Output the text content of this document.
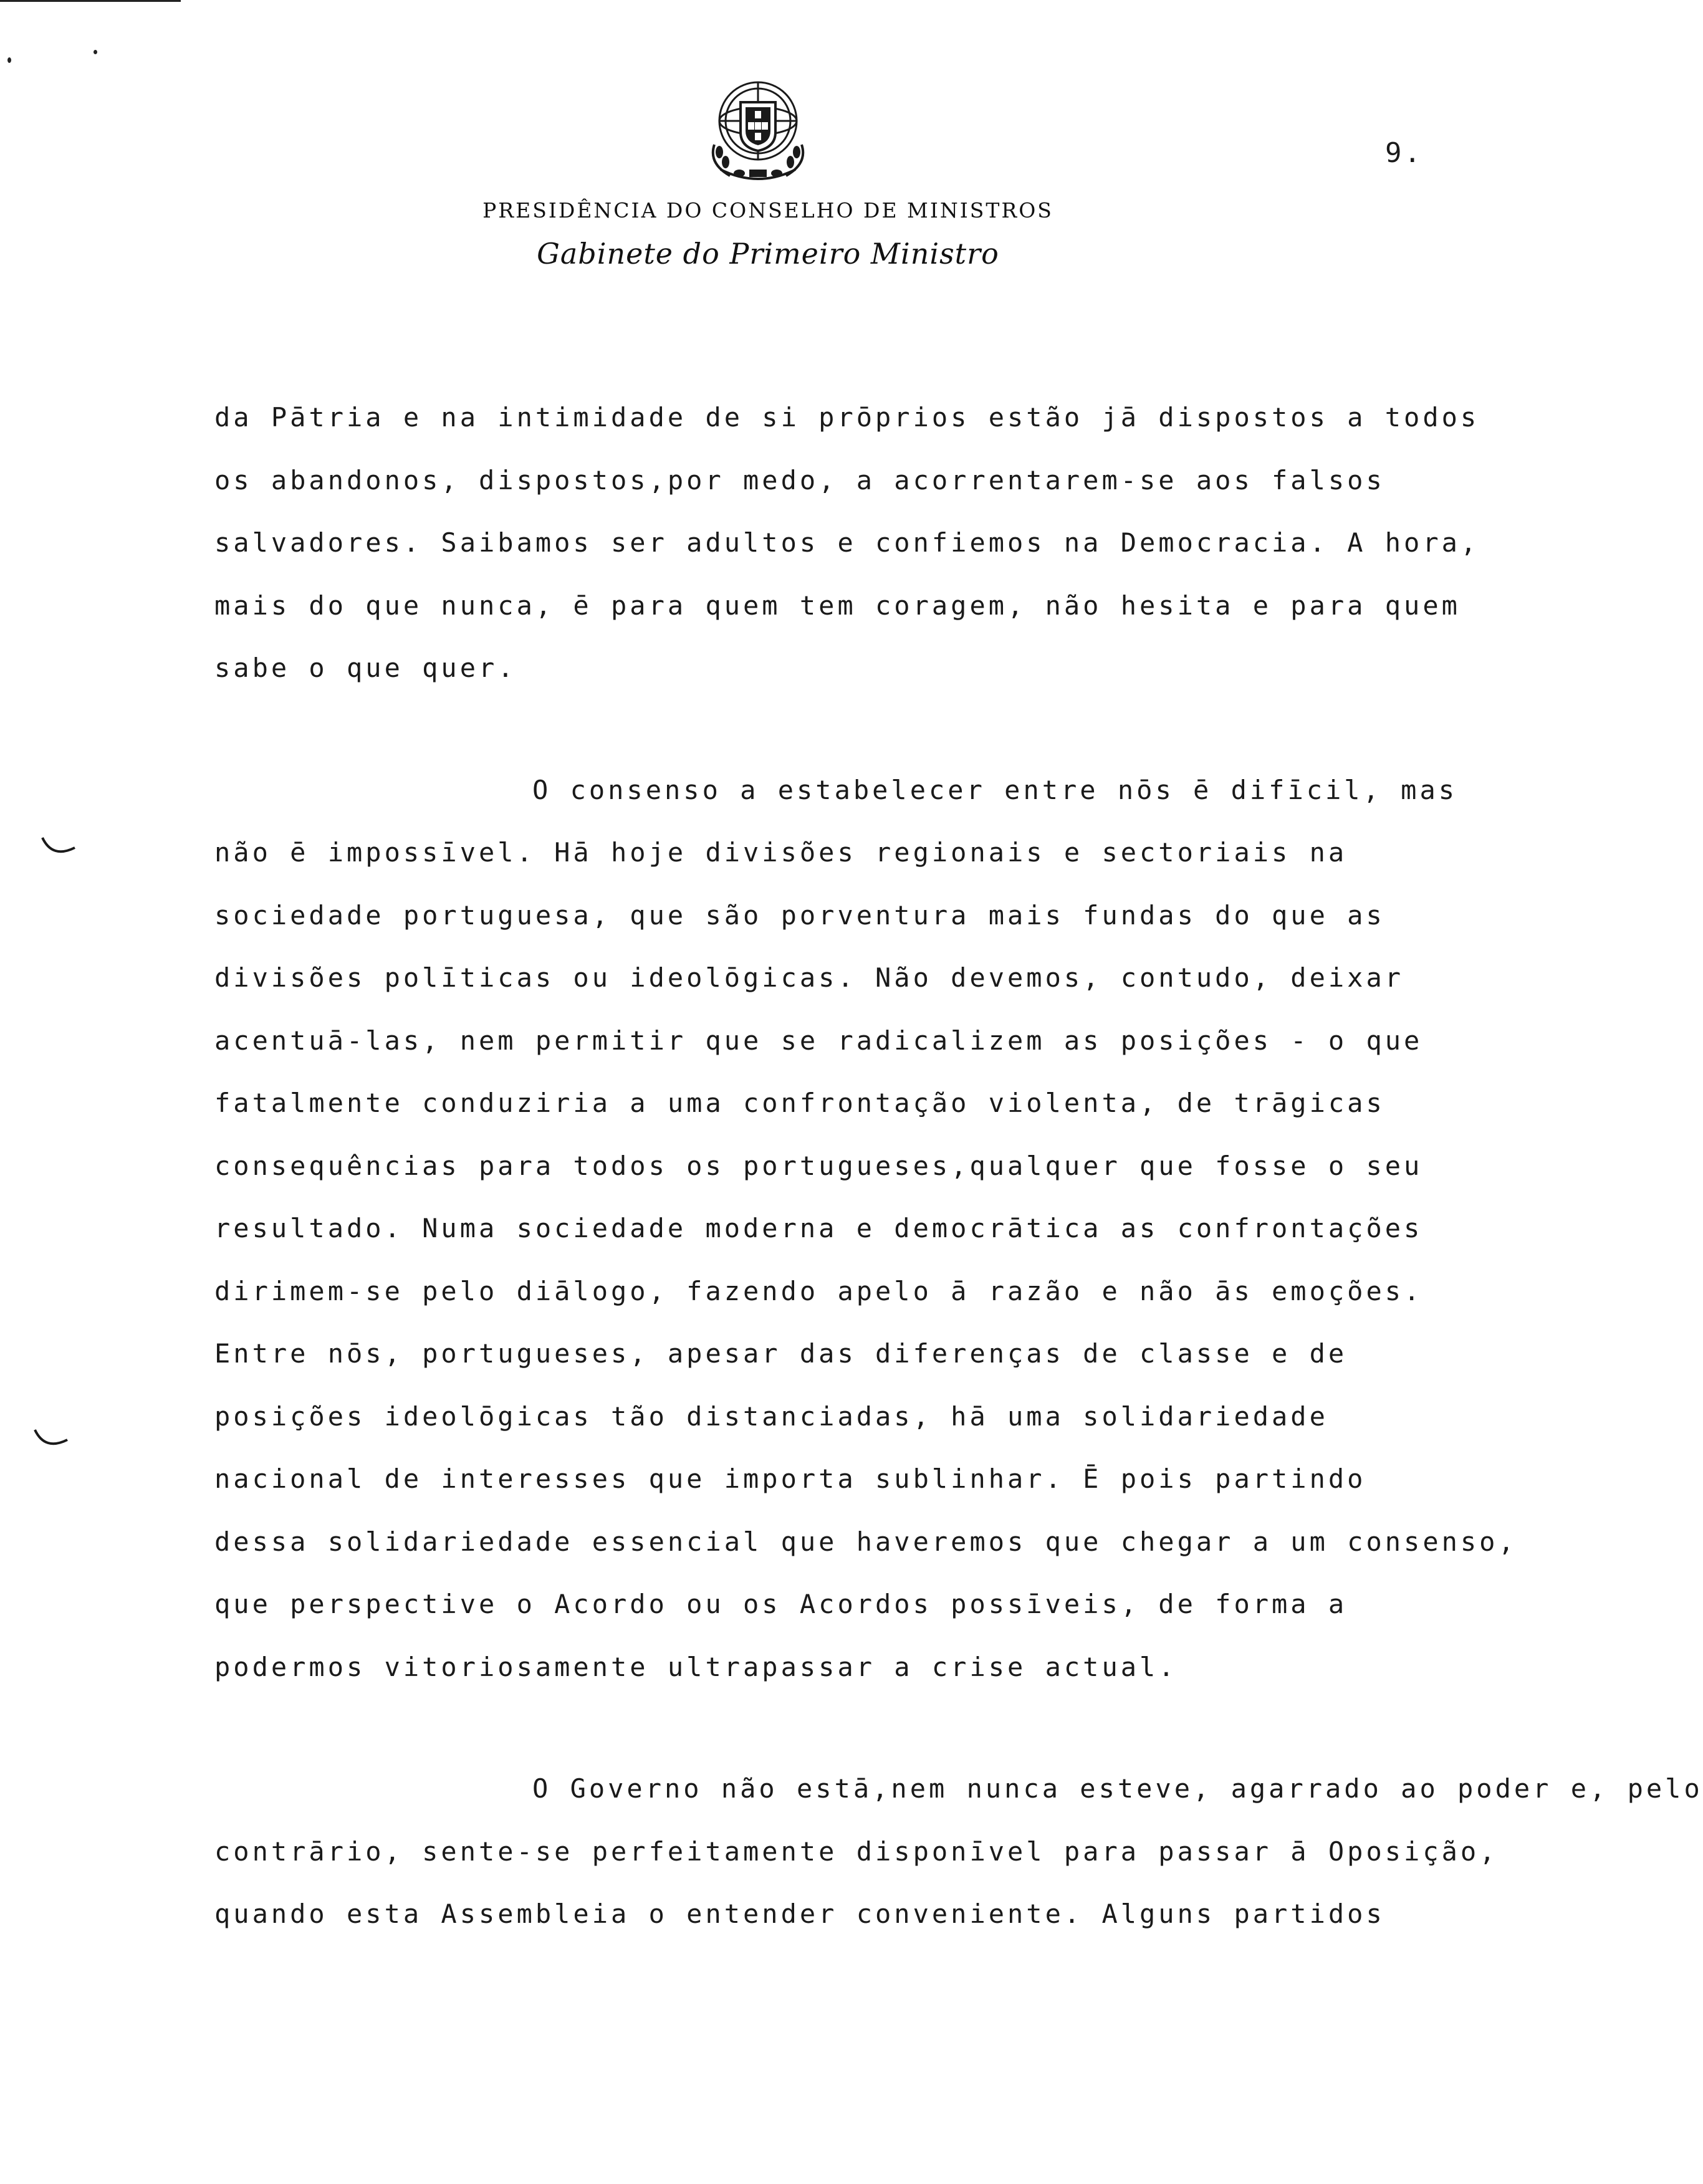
9.
PRESIDÊNCIA DO CONSELHO DE MINISTROS
Gabinete do Primeiro Ministro
da Pātria e na intimidade de si prōprios estão jā dispostos a todos
os abandonos, dispostos,por medo, a acorrentarem-se aos falsos
salvadores. Saibamos ser adultos e confiemos na Democracia. A hora,
mais do que nunca, ē para quem tem coragem, não hesita e para quem
sabe o que quer.
O consenso a estabelecer entre nōs ē difīcil, mas
não ē impossīvel. Hā hoje divisões regionais e sectoriais na
sociedade portuguesa, que são porventura mais fundas do que as
divisões polīticas ou ideolōgicas. Não devemos, contudo, deixar
acentuā-las, nem permitir que se radicalizem as posições - o que
fatalmente conduziria a uma confrontação violenta, de trāgicas
consequências para todos os portugueses,qualquer que fosse o seu
resultado. Numa sociedade moderna e democrātica as confrontações
dirimem-se pelo diālogo, fazendo apelo ā razão e não ās emoções.
Entre nōs, portugueses, apesar das diferenças de classe e de
posições ideolōgicas tão distanciadas, hā uma solidariedade
nacional de interesses que importa sublinhar. Ē pois partindo
dessa solidariedade essencial que haveremos que chegar a um consenso,
que perspective o Acordo ou os Acordos possīveis, de forma a
podermos vitoriosamente ultrapassar a crise actual.
O Governo não estā,nem nunca esteve, agarrado ao poder e, pelo
contrārio, sente-se perfeitamente disponīvel para passar ā Oposição,
quando esta Assembleia o entender conveniente. Alguns partidos
